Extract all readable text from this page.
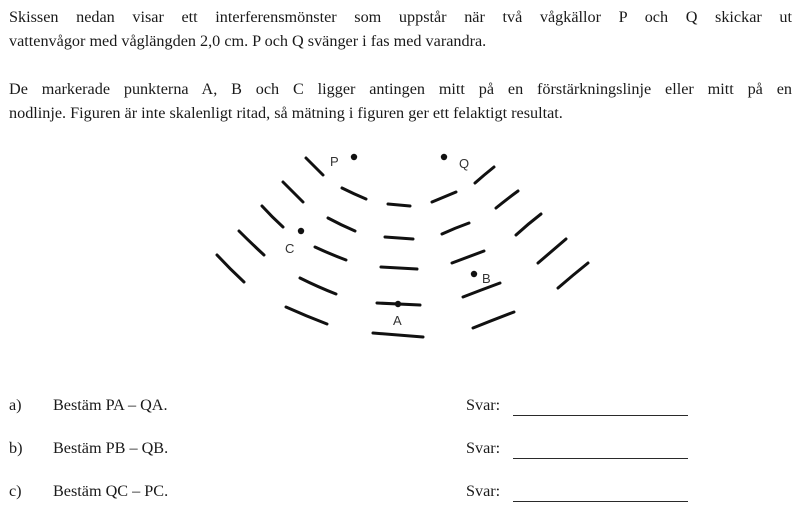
Skissen nedan visar ett interferensmönster som uppstår när två vågkällor P och Q skickar ut
vattenvågor med våglängden 2,0 cm. P och Q svänger i fas med varandra.
De markerade punkterna A, B och C ligger antingen mitt på en förstärkningslinje eller mitt på en
nodlinje. Figuren är inte skalenligt ritad, så mätning i figuren ger ett felaktigt resultat.
P	Q
A
B
C
a) Bestäm PA – QA.	Svar:
b) Bestäm PB – QB.	Svar:
c) Bestäm QC – PC.	Svar:
